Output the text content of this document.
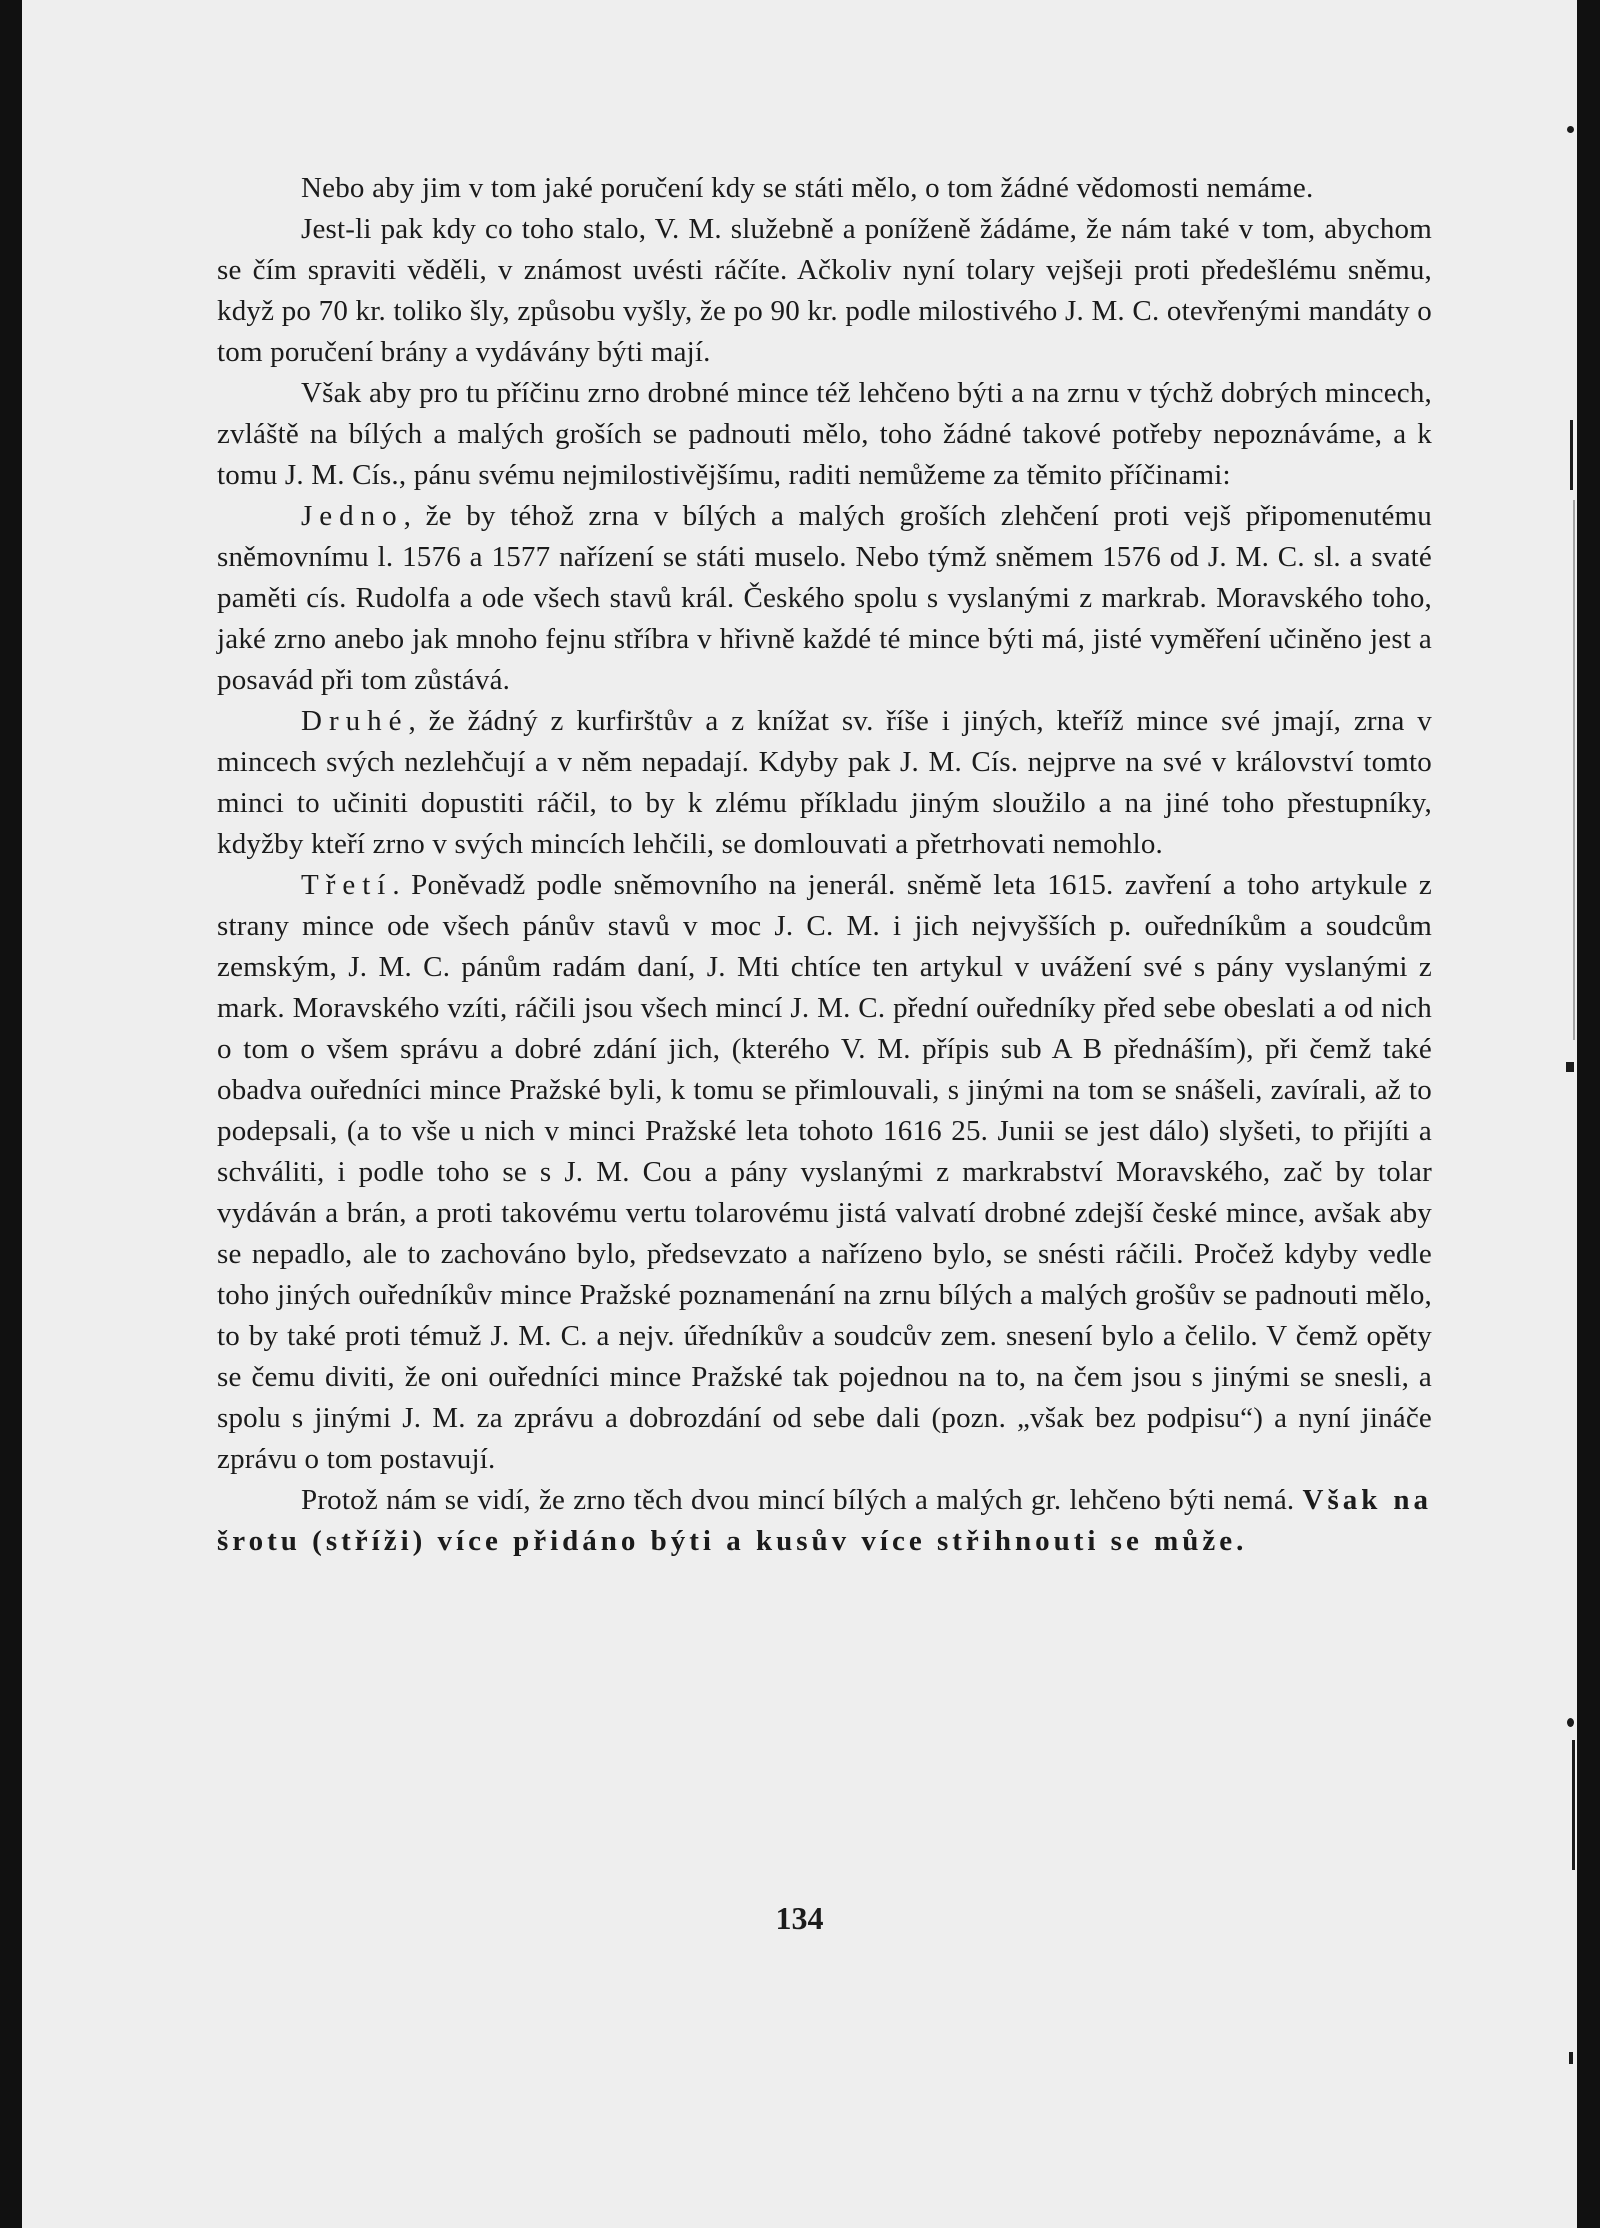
Nebo aby jim v tom jaké poručení kdy se státi mělo, o tom žádné vědomosti nemáme.

Jest-li pak kdy co toho stalo, V. M. služebně a poníženě žádáme, že nám také v tom, abychom se čím spraviti věděli, v známost uvésti ráčíte. Ačkoliv nyní tolary vejšeji proti předešlému sněmu, když po 70 kr. toliko šly, způsobu vyšly, že po 90 kr. podle milostivého J. M. C. otevřenými mandáty o tom poručení brány a vydávány býti mají.

Však aby pro tu příčinu zrno drobné mince též lehčeno býti a na zrnu v týchž dobrých mincech, zvláště na bílých a malých groších se padnouti mělo, toho žádné takové potřeby nepoznáváme, a k tomu J. M. Cís., pánu svému nejmilostivějšímu, raditi nemůžeme za těmito příčinami:

Jedno, že by téhož zrna v bílých a malých groších zlehčení proti vejš připomenutému sněmovnímu l. 1576 a 1577 nařízení se státi muselo. Nebo týmž sněmem 1576 od J. M. C. sl. a svaté paměti cís. Rudolfa a ode všech stavů král. Českého spolu s vyslanými z markrab. Moravského toho, jaké zrno anebo jak mnoho fejnu stříbra v hřivně každé té mince býti má, jisté vyměření učiněno jest a posavád při tom zůstává.

Druhé, že žádný z kurfirštův a z knížat sv. říše i jiných, kteříž mince své jmají, zrna v mincech svých nezlehčují a v něm nepadají. Kdyby pak J. M. Cís. nejprve na své v království tomto minci to učiniti dopustiti ráčil, to by k zlému příkladu jiným sloužilo a na jiné toho přestupníky, kdyžby kteří zrno v svých mincích lehčili, se domlouvati a přetrhovati nemohlo.

Třetí. Poněvadž podle sněmovního na jenerál. sněmě leta 1615. zavření a toho artykule z strany mince ode všech pánův stavů v moc J. C. M. i jich nejvyšších p. ouředníkům a soudcům zemským, J. M. C. pánům radám daní, J. Mti chtíce ten artykul v uvážení své s pány vyslanými z mark. Moravského vzíti, ráčili jsou všech mincí J. M. C. přední ouředníky před sebe obeslati a od nich o tom o všem správu a dobré zdání jich, (kterého V. M. přípis sub A B přednáším), při čemž také obadva ouředníci mince Pražské byli, k tomu se přimlouvali, s jinými na tom se snášeli, zavírali, až to podepsali, (a to vše u nich v minci Pražské leta tohoto 1616 25. Junii se jest dálo) slyšeti, to přijíti a schváliti, i podle toho se s J. M. Cou a pány vyslanými z markrabství Moravského, zač by tolar vydáván a brán, a proti takovému vertu tolarovému jistá valvatí drobné zdejší české mince, avšak aby se nepadlo, ale to zachováno bylo, předsevzato a nařízeno bylo, se snésti ráčili. Pročež kdyby vedle toho jiných ouředníkův mince Pražské poznamenání na zrnu bílých a malých grošův se padnouti mělo, to by také proti témuž J. M. C. a nejv. úředníkův a soudcův zem. snesení bylo a čelilo. V čemž opěty se čemu diviti, že oni ouředníci mince Pražské tak pojednou na to, na čem jsou s jinými se snesli, a spolu s jinými J. M. za zprávu a dobrozdání od sebe dali (pozn. „však bez podpisu“) a nyní jináče zprávu o tom postavují.

Protož nám se vidí, že zrno těch dvou mincí bílých a malých gr. lehčeno býti nemá. Však na šrotu (stříži) více přidáno býti a kusův více střihnouti se může.

134
